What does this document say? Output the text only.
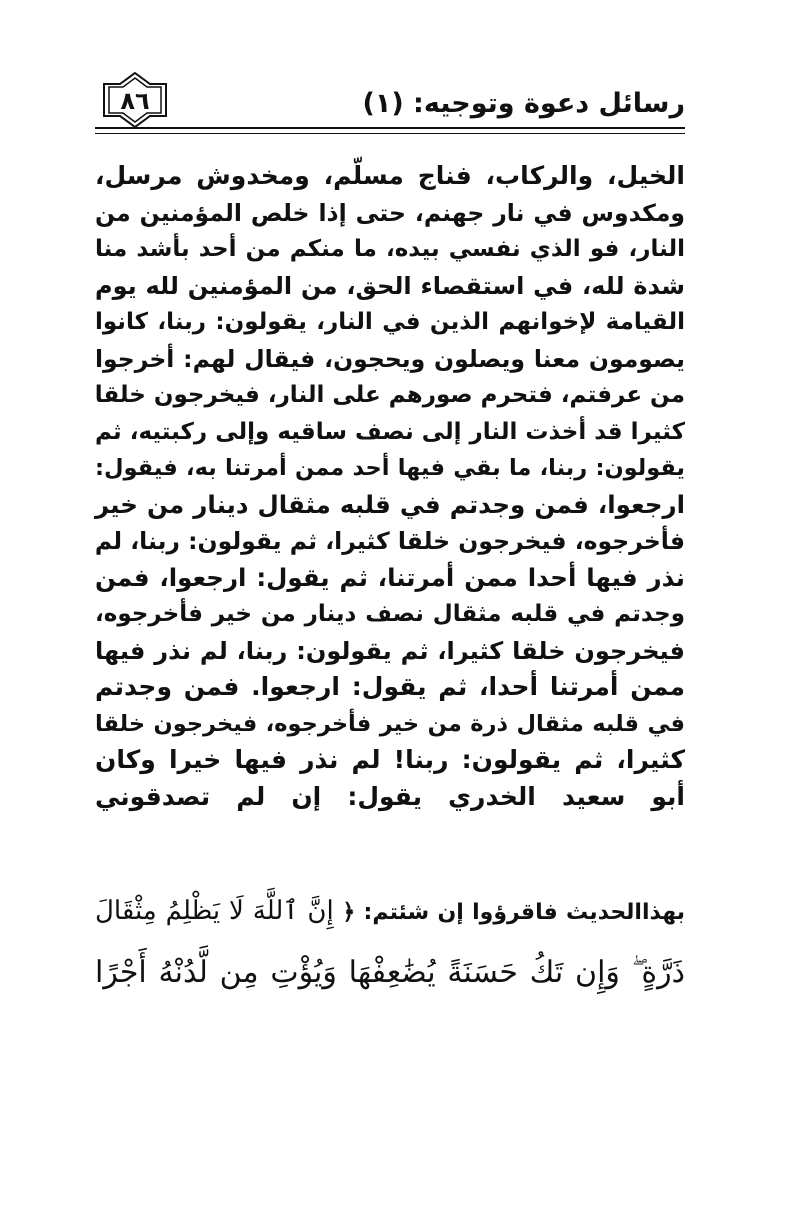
رسائل دعوة وتوجيه: (١)
٨٦
الخيل، والركاب، فناج مسلّم، ومخدوش مرسل،
ومكدوس في نار جهنم، حتى إذا خلص المؤمنين من
النار، فو الذي نفسي بيده، ما منكم من أحد بأشد منا
شدة لله، في استقصاء الحق، من المؤمنين لله يوم
القيامة لإخوانهم الذين في النار، يقولون: ربنا، كانوا
يصومون معنا ويصلون ويحجون، فيقال لهم: أخرجوا
من عرفتم، فتحرم صورهم على النار، فيخرجون خلقا
كثيرا قد أخذت النار إلى نصف ساقيه وإلى ركبتيه، ثم
يقولون: ربنا، ما بقي فيها أحد ممن أمرتنا به، فيقول:
ارجعوا، فمن وجدتم في قلبه مثقال دينار من خير
فأخرجوه، فيخرجون خلقا كثيرا، ثم يقولون: ربنا، لم
نذر فيها أحدا ممن أمرتنا، ثم يقول: ارجعوا، فمن
وجدتم في قلبه مثقال نصف دينار من خير فأخرجوه،
فيخرجون خلقا كثيرا، ثم يقولون: ربنا، لم نذر فيها
ممن أمرتنا أحدا، ثم يقول: ارجعوا. فمن وجدتم
في قلبه مثقال ذرة من خير فأخرجوه، فيخرجون خلقا
كثيرا، ثم يقولون: ربنا! لم نذر فيها خيرا وكان
أبو سعيد الخدري يقول: إن لم تصدقوني
بهذاالحديث فاقرؤوا إن شئتم: ﴿ إِنَّ ٱللَّهَ لَا يَظْلِمُ مِثْقَالَ
ذَرَّةٍ ۖ وَإِن تَكُ حَسَنَةً يُضَٰعِفْهَا وَيُؤْتِ مِن لَّدُنْهُ أَجْرًا
